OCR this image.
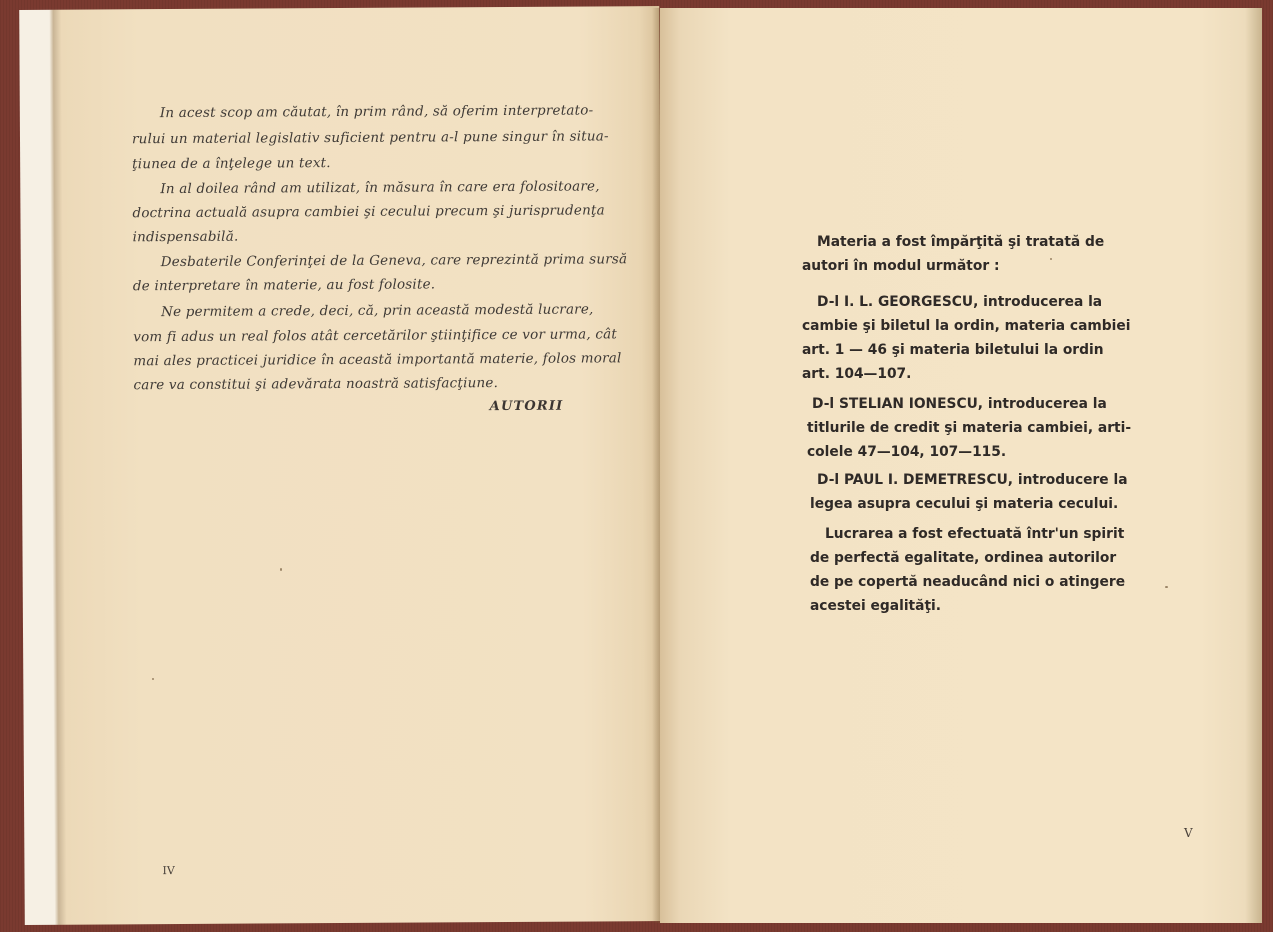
In acest scop am căutat, în prim rând, să oferim interpretato-
rului un material legislativ suficient pentru a-l pune singur în situa-
ţiunea de a înţelege un text.
In al doilea rând am utilizat, în măsura în care era folositoare,
doctrina actuală asupra cambiei şi cecului precum şi jurisprudenţa
indispensabilă.
Desbaterile Conferinţei de la Geneva, care reprezintă prima sursă
de interpretare în materie, au fost folosite.
Ne permitem a crede, deci, că, prin această modestă lucrare,
vom fi adus un real folos atât cercetărilor ştiinţifice ce vor urma, cât
mai ales practicei juridice în această importantă materie, folos moral
care va constitui şi adevărata noastră satisfacţiune.
AUTORII
IV
Materia a fost împărţită şi tratată de
autori în modul următor :
D-l I. L. GEORGESCU, introducerea la
cambie şi biletul la ordin, materia cambiei
art. 1 — 46 şi materia biletului la ordin
art. 104—107.
D-l STELIAN IONESCU, introducerea la
titlurile de credit şi materia cambiei, arti-
colele 47—104, 107—115.
D-l PAUL I. DEMETRESCU, introducere la
legea asupra cecului şi materia cecului.
Lucrarea a fost efectuată într'un spirit
de perfectă egalitate, ordinea autorilor
de pe copertă neaducând nici o atingere
acestei egalităţi.
V
